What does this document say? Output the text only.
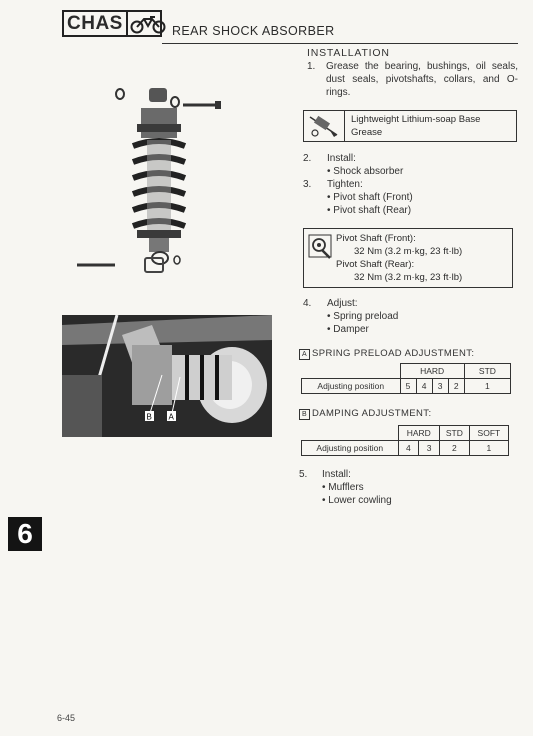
CHAS	REAR SHOCK ABSORBER
B A
INSTALLATION
1. Grease the bearing, bushings, oil seals, dust seals, pivotshafts, collars, and O-rings.
Lightweight Lithium-soap Base
Grease
2. Install:
• Shock absorber
3. Tighten:
• Pivot shaft (Front)
• Pivot shaft (Rear)
Pivot Shaft (Front):
32 Nm (3.2 m·kg, 23 ft·lb)
Pivot Shaft (Rear):
32 Nm (3.2 m·kg, 23 ft·lb)
4. Adjust:
• Spring preload
• Damper
A SPRING PRELOAD ADJUSTMENT:
	HARD				STD
Adjusting position	5	4	3	2	1
B DAMPING ADJUSTMENT:
	HARD		STD	SOFT
Adjusting position	4	3	2	1
5. Install:
• Mufflers
• Lower cowling
6
6-45
